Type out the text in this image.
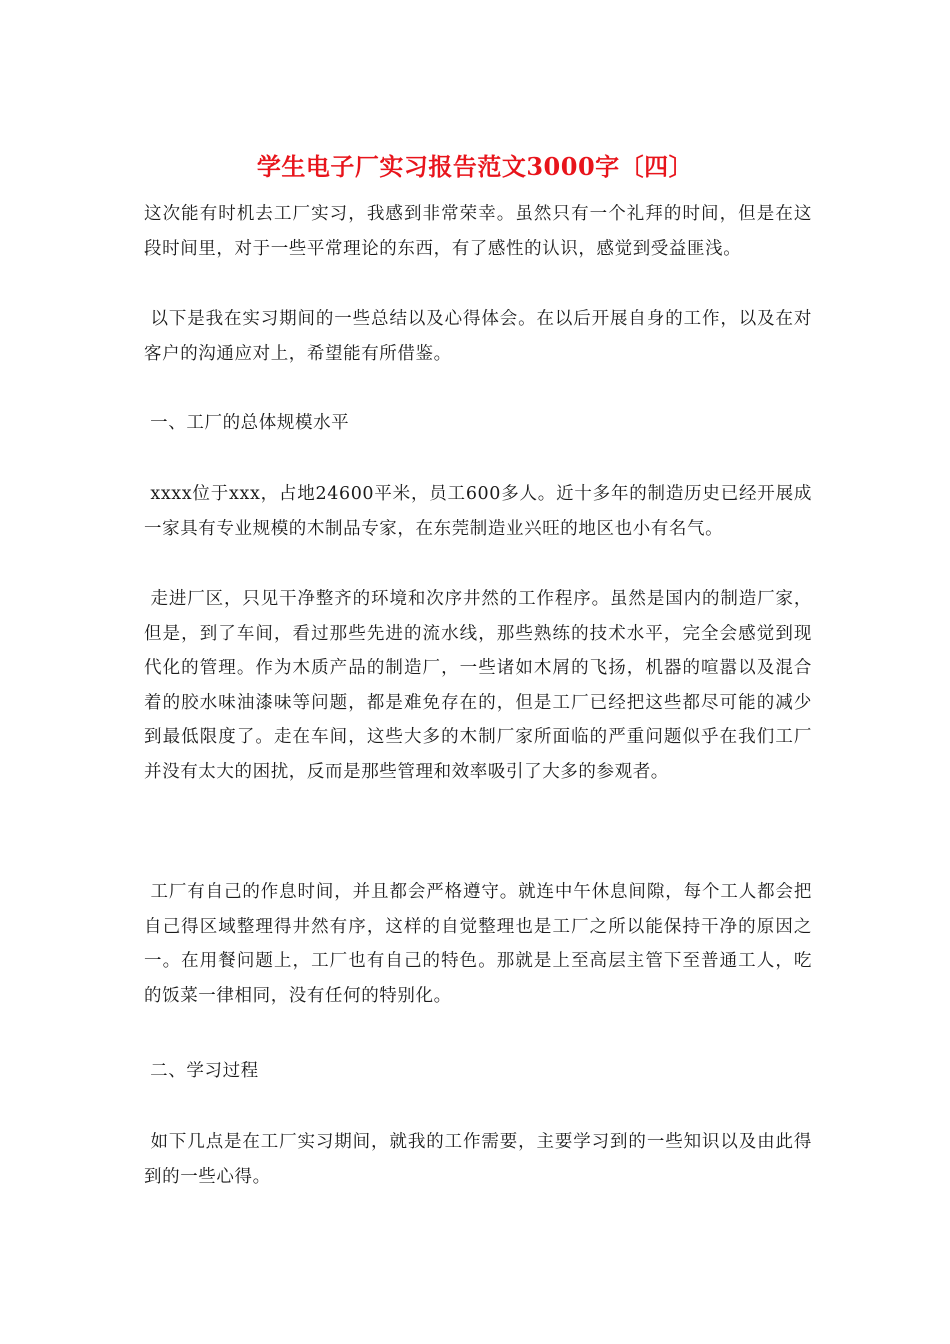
学生电子厂实习报告范文3000字〔四〕

这次能有时机去工厂实习，我感到非常荣幸。虽然只有一个礼拜的时间，但是在这段时间里，对于一些平常理论的东西，有了感性的认识，感觉到受益匪浅。

以下是我在实习期间的一些总结以及心得体会。在以后开展自身的工作，以及在对客户的沟通应对上，希望能有所借鉴。

一、工厂的总体规模水平

xxxx位于xxx，占地24600平米，员工600多人。近十多年的制造历史已经开展成一家具有专业规模的木制品专家，在东莞制造业兴旺的地区也小有名气。

走进厂区，只见干净整齐的环境和次序井然的工作程序。虽然是国内的制造厂家，但是，到了车间，看过那些先进的流水线，那些熟练的技术水平，完全会感觉到现代化的管理。作为木质产品的制造厂，一些诸如木屑的飞扬，机器的喧嚣以及混合着的胶水味油漆味等问题，都是难免存在的，但是工厂已经把这些都尽可能的减少到最低限度了。走在车间，这些大多的木制厂家所面临的严重问题似乎在我们工厂并没有太大的困扰，反而是那些管理和效率吸引了大多的参观者。

工厂有自己的作息时间，并且都会严格遵守。就连中午休息间隙，每个工人都会把自己得区域整理得井然有序，这样的自觉整理也是工厂之所以能保持干净的原因之一。在用餐问题上，工厂也有自己的特色。那就是上至高层主管下至普通工人，吃的饭菜一律相同，没有任何的特别化。

二、学习过程

如下几点是在工厂实习期间，就我的工作需要，主要学习到的一些知识以及由此得到的一些心得。
